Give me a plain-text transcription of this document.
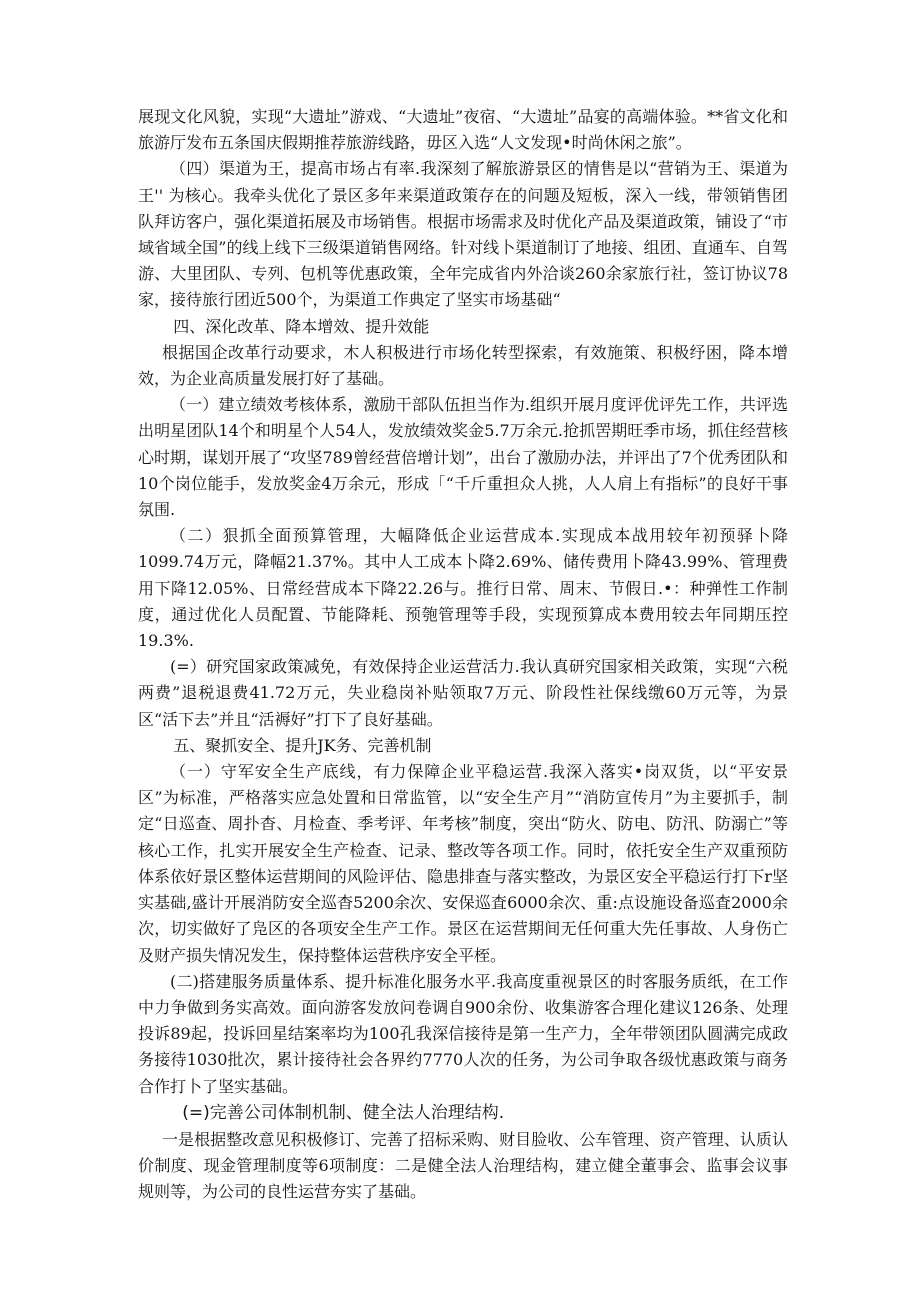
展现文化风貌，实现“大遗址”游戏、“大遗址”夜宿、“大遗址”品宴的高端体验。**省文化和旅游厅发布五条国庆假期推荐旅游线路，毋区入选“人文发现•时尚休闲之旅”。

（四）渠道为王，提高市场占有率.我深刻了解旅游景区的情售是以“营销为王、渠道为王'' 为核心。我牵头优化了景区多年来渠道政策存在的问题及短板，深入一线，带领销售团队拜访客户，强化渠道拓展及市场销售。根据市场需求及时优化产品及渠道政策，铺设了“市域省域全国”的线上线下三级渠道销售网络。针对线卜渠道制订了地接、组团、直通车、自驾游、大里团队、专列、包机等优惠政策，全年完成省内外洽谈260余家旅行社，签订协议78家，接待旅行团近500个，为渠道工作典定了坚实市场基础“

四、深化改革、降本增效、提升效能

根据国企改革行动要求，木人积极进行市场化转型探索，有效施策、积极纾困，降本增效，为企业高质量发展打好了基础。

（一）建立绩效考核体系，激励干部队伍担当作为.组织开展月度评优评先工作，共评选出明星团队14个和明星个人54人，发放绩效奖金5.7万余元.抢抓罟期旺季市场，抓住经营核心时期，谋划开展了“攻坚789曾经营倍增计划”，出台了激励办法，并评出了7个优秀团队和10个岗位能手，发放奖金4万余元，形成「“千斤重担众人挑，人人肩上有指标”的良好干事氛围.

（二）狠抓全面预算管理，大幅降低企业运营成本.实现成本战用较年初预驿卜降1099.74万元，降幅21.37%。其中人工成本卜降2.69%、储传费用卜降43.99%、管理费用下降12.05%、日常经营成本下降22.26与。推行日常、周末、节假日.•：种弹性工作制度，通过优化人员配置、节能降耗、预匏管理等手段，实现预算成本费用较去年同期压控19.3%.

(=）研究国家政策减免，有效保持企业运营活力.我认真研究国家相关政策，实现“六税两费”退税退费41.72万元，失业稳岗补贴领取7万元、阶段性社保线缴60万元等，为景区“活下去”并且“活褥好”打下了良好基础。

五、聚抓安全、提升JK务、完善机制

（一）守军安全生产底线，有力保障企业平稳运营.我深入落实•岗双货，以“平安景区”为标准，严格落实应急处置和日常监管，以“安全生产月”“消防宣传月”为主要抓手，制定“日巡查、周扑杳、月检查、季考评、年考核”制度，突出“防火、防电、防汛、防溺亡”等核心工作，扎实开展安全生产检查、记录、整改等各项工作。同时，依托安全生产双重预防体系依好景区整体运营期间的风险评估、隐患排查与落实整改，为景区安全平稳运行打下r坚实基础,盛计开展消防安全巡杳5200余次、安保巡査6000余次、重:点设施设备巡査2000余次，切实做好了凫区的各项安全生产工作。景区在运营期间无任何重大先任事故、人身伤亡及财产损失情况发生，保持整体运营秩序安全平桎。

(二)搭建服务质量体系、提升标准化服务水平.我高度重视景区的时客服务质纸，在工作中力争做到务实高效。面向游客发放问卷调自900余份、收集游客合理化建议126条、处理投诉89起，投诉回星结案率均为100孔我深信接待是第一生产力，全年带领团队圆满完成政务接待1030批次，累计接待社会各界约7770人次的任务，为公司争取各级忧惠政策与商务合作打卜了坚实基础。

(=)完善公司体制机制、健全法人治理结构.

一是根据整改意见积极修订、完善了招标采购、财目脸收、公车管理、资产管理、认质认价制度、现金管理制度等6项制度：二是健全法人治理结构，建立健全董事会、监事会议事规则等，为公司的良性运营夯实了基础。
